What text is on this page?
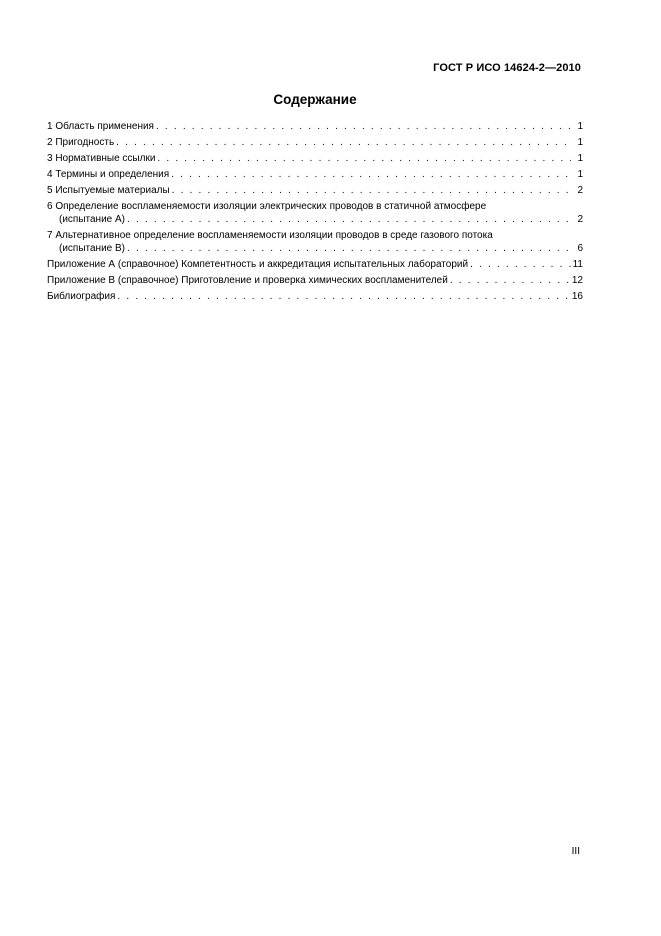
ГОСТ Р ИСО 14624-2—2010
Содержание
1 Область применения . . .	1
2 Пригодность . . .	1
3 Нормативные ссылки . . .	1
4 Термины и определения . . .	1
5 Испытуемые материалы . . .	2
6 Определение воспламеняемости изоляции электрических проводов в статичной атмосфере
(испытание А) . . .	2
7 Альтернативное определение воспламеняемости изоляции проводов в среде газового потока
(испытание В) . . .	6
Приложение А (справочное) Компетентность и аккредитация испытательных лабораторий . . .	11
Приложение В (справочное) Приготовление и проверка химических воспламенителей . . .	12
Библиография . . .	16
III
